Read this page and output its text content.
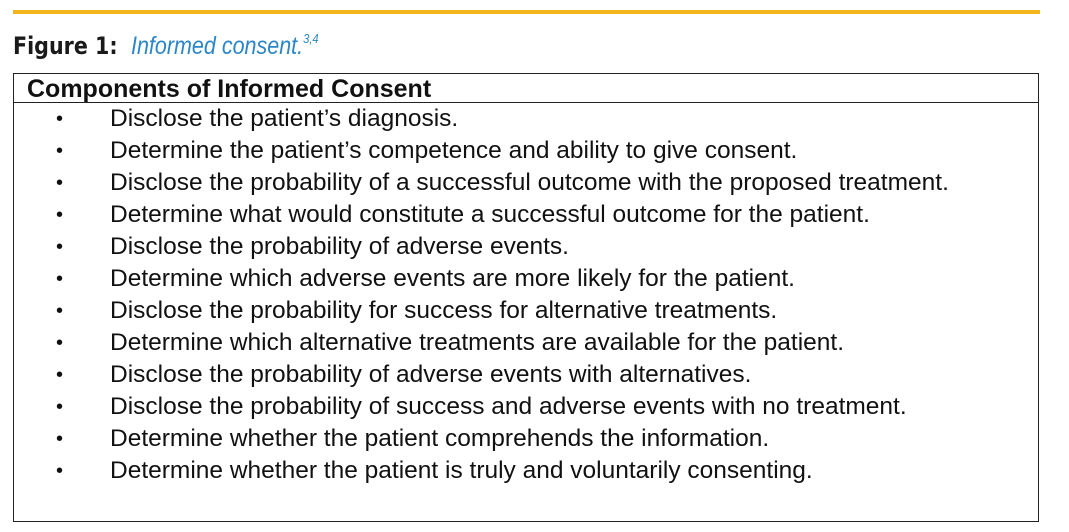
Figure 1: Informed consent.$^{3,4}$
Components of Informed Consent
• Disclose the patient’s diagnosis.
• Determine the patient’s competence and ability to give consent.
• Disclose the probability of a successful outcome with the proposed treatment.
• Determine what would constitute a successful outcome for the patient.
• Disclose the probability of adverse events.
• Determine which adverse events are more likely for the patient.
• Disclose the probability for success for alternative treatments.
• Determine which alternative treatments are available for the patient.
• Disclose the probability of adverse events with alternatives.
• Disclose the probability of success and adverse events with no treatment.
• Determine whether the patient comprehends the information.
• Determine whether the patient is truly and voluntarily consenting.
